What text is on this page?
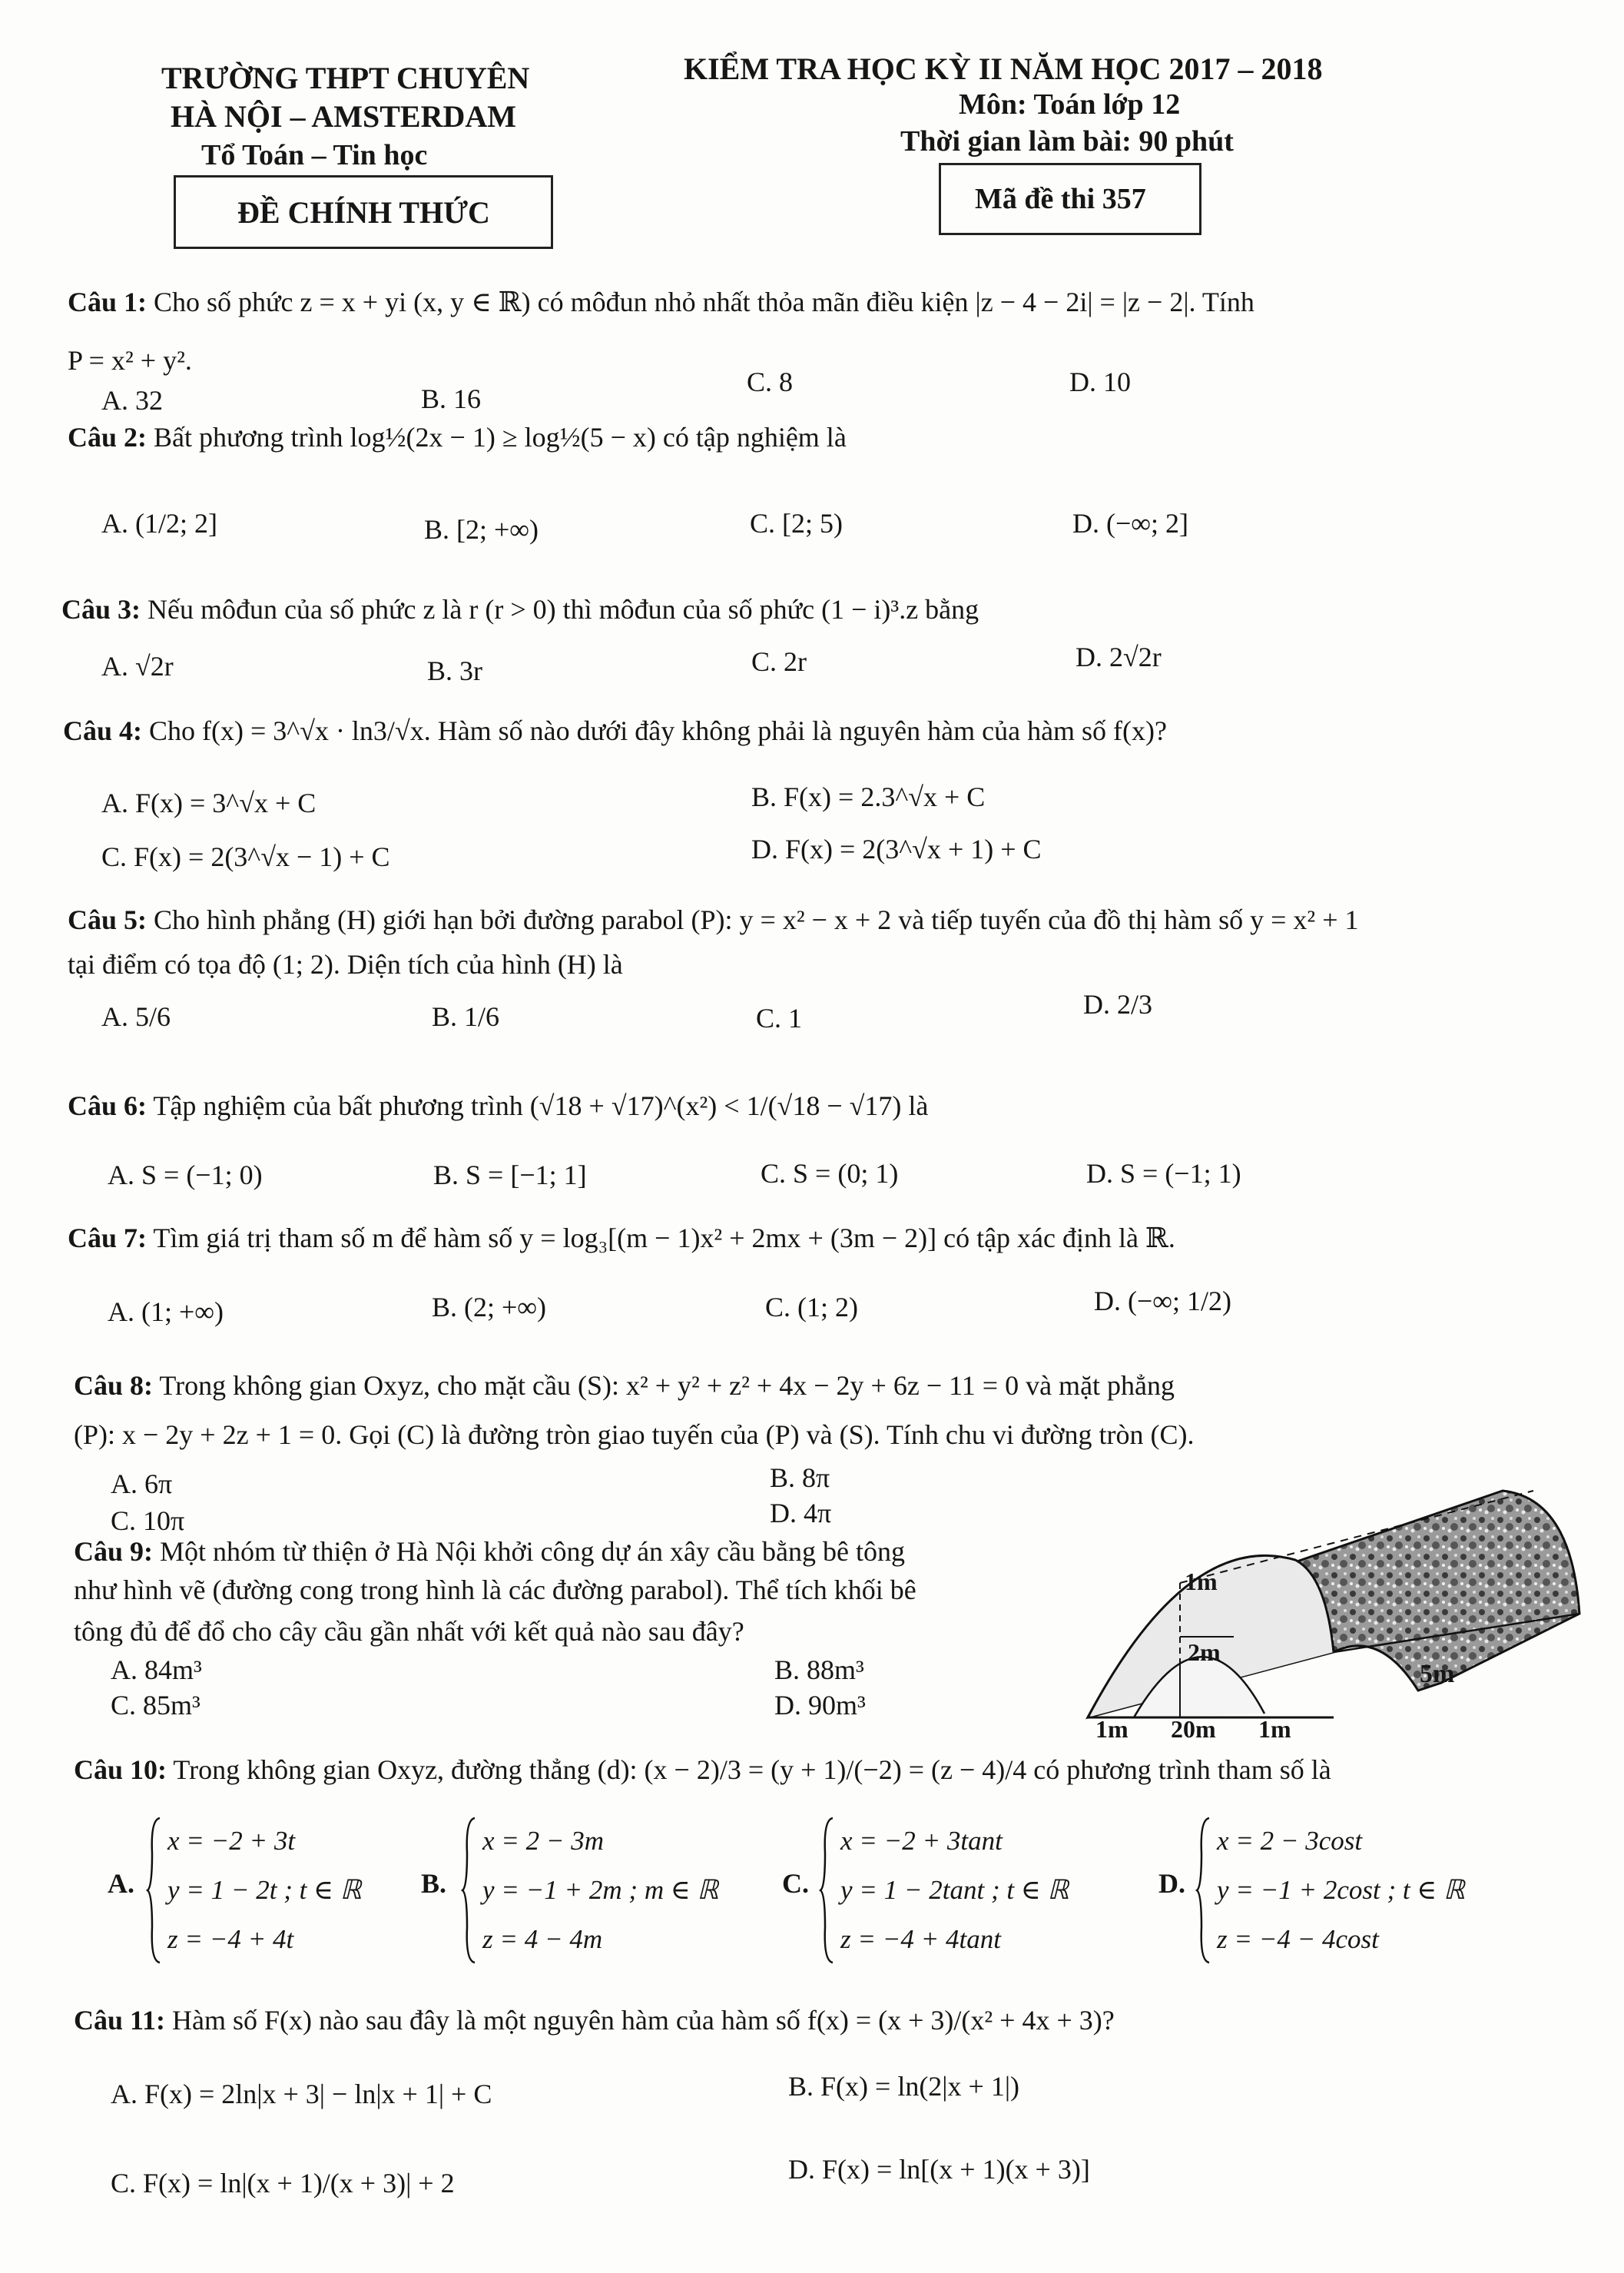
TRƯỜNG THPT CHUYÊN
HÀ NỘI – AMSTERDAM
Tổ Toán – Tin học
ĐỀ CHÍNH THỨC
KIỂM TRA HỌC KỲ II NĂM HỌC 2017 – 2018
Môn: Toán lớp 12
Thời gian làm bài: 90 phút
Mã đề thi 357
Câu 1: Cho số phức z = x + yi (x, y ∈ ℝ) có môđun nhỏ nhất thỏa mãn điều kiện |z − 4 − 2i| = |z − 2|. Tính
P = x² + y².
A. 32	B. 16
C. 8	D. 10
Câu 2: Bất phương trình log½(2x − 1) ≥ log½(5 − x) có tập nghiệm là
A. (1/2; 2]	B. [2; +∞)	C. [2; 5)	D. (−∞; 2]
Câu 3: Nếu môđun của số phức z là r (r > 0) thì môđun của số phức (1 − i)³.z bằng
A. √2r	B. 3r	C. 2r	D. 2√2r
Câu 4: Cho f(x) = 3^√x · ln3/√x. Hàm số nào dưới đây không phải là nguyên hàm của hàm số f(x)?
A. F(x) = 3^√x + C	B. F(x) = 2.3^√x + C
C. F(x) = 2(3^√x − 1) + C	D. F(x) = 2(3^√x + 1) + C
Câu 5: Cho hình phẳng (H) giới hạn bởi đường parabol (P): y = x² − x + 2 và tiếp tuyến của đồ thị hàm số y = x² + 1
tại điểm có tọa độ (1; 2). Diện tích của hình (H) là
A. 5/6	B. 1/6	C. 1	D. 2/3
Câu 6: Tập nghiệm của bất phương trình (√18 + √17)^(x²) < 1/(√18 − √17) là
A. S = (−1; 0)	B. S = [−1; 1]	C. S = (0; 1)	D. S = (−1; 1)
Câu 7: Tìm giá trị tham số m để hàm số y = log₃[(m − 1)x² + 2mx + (3m − 2)] có tập xác định là ℝ.
A. (1; +∞)	B. (2; +∞)	C. (1; 2)	D. (−∞; 1/2)
Câu 8: Trong không gian Oxyz, cho mặt cầu (S): x² + y² + z² + 4x − 2y + 6z − 11 = 0 và mặt phẳng
(P): x − 2y + 2z + 1 = 0. Gọi (C) là đường tròn giao tuyến của (P) và (S). Tính chu vi đường tròn (C).
A. 6π	B. 8π
C. 10π	D. 4π
Câu 9: Một nhóm từ thiện ở Hà Nội khởi công dự án xây cầu bằng bê tông
như hình vẽ (đường cong trong hình là các đường parabol). Thể tích khối bê
tông đủ để đổ cho cây cầu gần nhất với kết quả nào sau đây?
A. 84m³	B. 88m³
C. 85m³	D. 90m³
1m
2m
5m
1m 20m 1m
Câu 10: Trong không gian Oxyz, đường thẳng (d): (x − 2)/3 = (y + 1)/(−2) = (z − 4)/4 có phương trình tham số là
A.
x = −2 + 3t
y = 1 − 2t ; t ∈ ℝ
z = −4 + 4t
B.
x = 2 − 3m
y = −1 + 2m ; m ∈ ℝ
z = 4 − 4m
C.
x = −2 + 3tant
y = 1 − 2tant ; t ∈ ℝ
z = −4 + 4tant
D.
x = 2 − 3cost
y = −1 + 2cost ; t ∈ ℝ
z = −4 − 4cost
Câu 11: Hàm số F(x) nào sau đây là một nguyên hàm của hàm số f(x) = (x + 3)/(x² + 4x + 3)?
A. F(x) = 2ln|x + 3| − ln|x + 1| + C	B. F(x) = ln(2|x + 1|)
C. F(x) = ln|(x + 1)/(x + 3)| + 2	D. F(x) = ln[(x + 1)(x + 3)]
